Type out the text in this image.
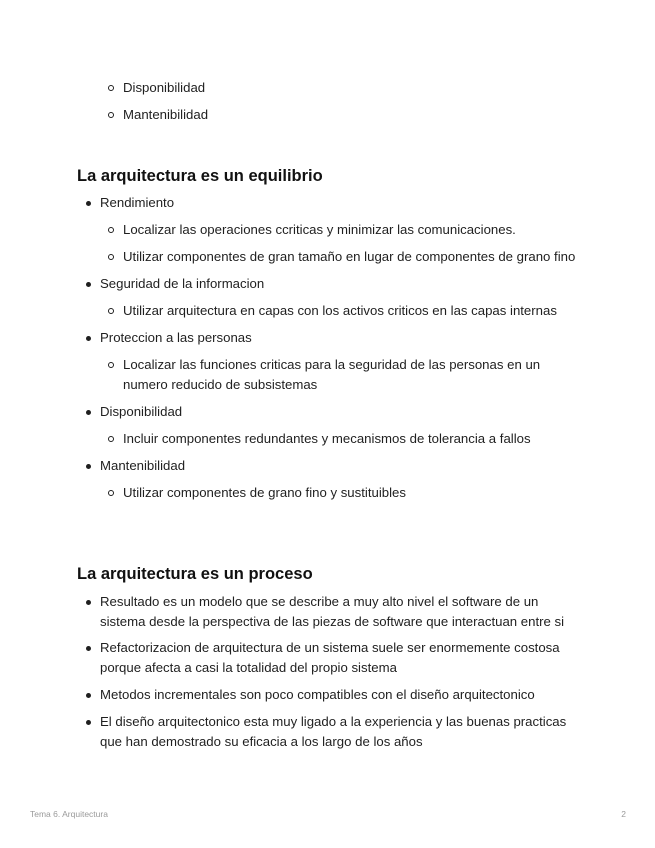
Disponibilidad
Mantenibilidad
La arquitectura es un equilibrio
Rendimiento
Localizar las operaciones ccriticas y minimizar las comunicaciones.
Utilizar componentes de gran tamaño en lugar de componentes de grano fino
Seguridad de la informacion
Utilizar arquitectura en capas con los activos criticos en las capas internas
Proteccion a las personas
Localizar las funciones criticas para la seguridad de las personas en un numero reducido de subsistemas
Disponibilidad
Incluir componentes redundantes y mecanismos de tolerancia a fallos
Mantenibilidad
Utilizar componentes de grano fino y sustituibles
La arquitectura es un proceso
Resultado es un modelo que se describe a muy alto nivel el software de un sistema desde la perspectiva de las piezas de software que interactuan entre si
Refactorizacion de arquitectura de un sistema suele ser enormemente costosa porque afecta a casi la totalidad del propio sistema
Metodos incrementales son poco compatibles con el diseño arquitectonico
El diseño arquitectonico esta muy ligado a la experiencia y las buenas practicas que han demostrado su eficacia a los largo de los años
Tema 6. Arquitectura	2
